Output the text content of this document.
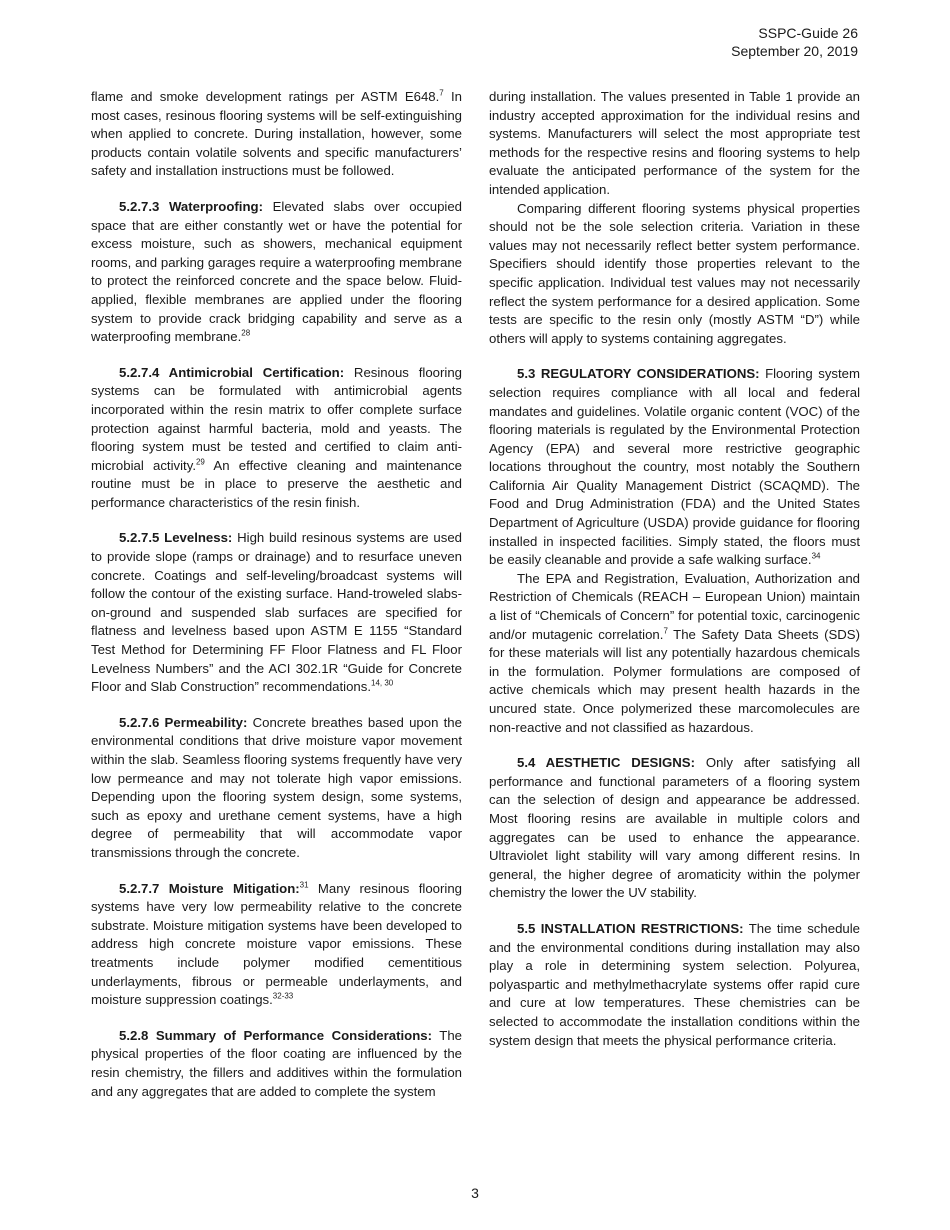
SSPC-Guide 26
September 20, 2019

flame and smoke development ratings per ASTM E648.$^7$ In most cases, resinous flooring systems will be self-extinguishing when applied to concrete. During installation, however, some products contain volatile solvents and specific manufacturers’ safety and installation instructions must be followed.

5.2.7.3 Waterproofing: Elevated slabs over occupied space that are either constantly wet or have the potential for excess moisture, such as showers, mechanical equipment rooms, and parking garages require a waterproofing membrane to protect the reinforced concrete and the space below. Fluid-applied, flexible membranes are applied under the flooring system to provide crack bridging capability and serve as a waterproofing membrane.$^{28}$

5.2.7.4 Antimicrobial Certification: Resinous flooring systems can be formulated with antimicrobial agents incorporated within the resin matrix to offer complete surface protection against harmful bacteria, mold and yeasts. The flooring system must be tested and certified to claim anti-microbial activity.$^{29}$ An effective cleaning and maintenance routine must be in place to preserve the aesthetic and performance characteristics of the resin finish.

5.2.7.5 Levelness: High build resinous systems are used to provide slope (ramps or drainage) and to resurface uneven concrete. Coatings and self-leveling/broadcast systems will follow the contour of the existing surface. Hand-troweled slabs-on-ground and suspended slab surfaces are specified for flatness and levelness based upon ASTM E 1155 “Standard Test Method for Determining FF Floor Flatness and FL Floor Levelness Numbers” and the ACI 302.1R “Guide for Concrete Floor and Slab Construction” recommendations.$^{14, 30}$

5.2.7.6 Permeability: Concrete breathes based upon the environmental conditions that drive moisture vapor movement within the slab. Seamless flooring systems frequently have very low permeance and may not tolerate high vapor emissions. Depending upon the flooring system design, some systems, such as epoxy and urethane cement systems, have a high degree of permeability that will accommodate vapor transmissions through the concrete.

5.2.7.7 Moisture Mitigation:$^{31}$ Many resinous flooring systems have very low permeability relative to the concrete substrate. Moisture mitigation systems have been developed to address high concrete moisture vapor emissions. These treatments include polymer modified cementitious underlayments, fibrous or permeable underlayments, and moisture suppression coatings.$^{32-33}$

5.2.8 Summary of Performance Considerations: The physical properties of the floor coating are influenced by the resin chemistry, the fillers and additives within the formulation and any aggregates that are added to complete the system

during installation. The values presented in Table 1 provide an industry accepted approximation for the individual resins and systems. Manufacturers will select the most appropriate test methods for the respective resins and flooring systems to help evaluate the anticipated performance of the system for the intended application.

Comparing different flooring systems physical properties should not be the sole selection criteria. Variation in these values may not necessarily reflect better system performance. Specifiers should identify those properties relevant to the specific application. Individual test values may not necessarily reflect the system performance for a desired application. Some tests are specific to the resin only (mostly ASTM “D”) while others will apply to systems containing aggregates.

5.3 REGULATORY CONSIDERATIONS: Flooring system selection requires compliance with all local and federal mandates and guidelines. Volatile organic content (VOC) of the flooring materials is regulated by the Environmental Protection Agency (EPA) and several more restrictive geographic locations throughout the country, most notably the Southern California Air Quality Management District (SCAQMD). The Food and Drug Administration (FDA) and the United States Department of Agriculture (USDA) provide guidance for flooring installed in inspected facilities. Simply stated, the floors must be easily cleanable and provide a safe walking surface.$^{34}$

The EPA and Registration, Evaluation, Authorization and Restriction of Chemicals (REACH – European Union) maintain a list of “Chemicals of Concern” for potential toxic, carcinogenic and/or mutagenic correlation.$^7$ The Safety Data Sheets (SDS) for these materials will list any potentially hazardous chemicals in the formulation. Polymer formulations are composed of active chemicals which may present health hazards in the uncured state. Once polymerized these marcomolecules are non-reactive and not classified as hazardous.

5.4 AESTHETIC DESIGNS: Only after satisfying all performance and functional parameters of a flooring system can the selection of design and appearance be addressed. Most flooring resins are available in multiple colors and aggregates can be used to enhance the appearance. Ultraviolet light stability will vary among different resins. In general, the higher degree of aromaticity within the polymer chemistry the lower the UV stability.

5.5 INSTALLATION RESTRICTIONS: The time schedule and the environmental conditions during installation may also play a role in determining system selection. Polyurea, polyaspartic and methylmethacrylate systems offer rapid cure and cure at low temperatures. These chemistries can be selected to accommodate the installation conditions within the system design that meets the physical performance criteria.

3
